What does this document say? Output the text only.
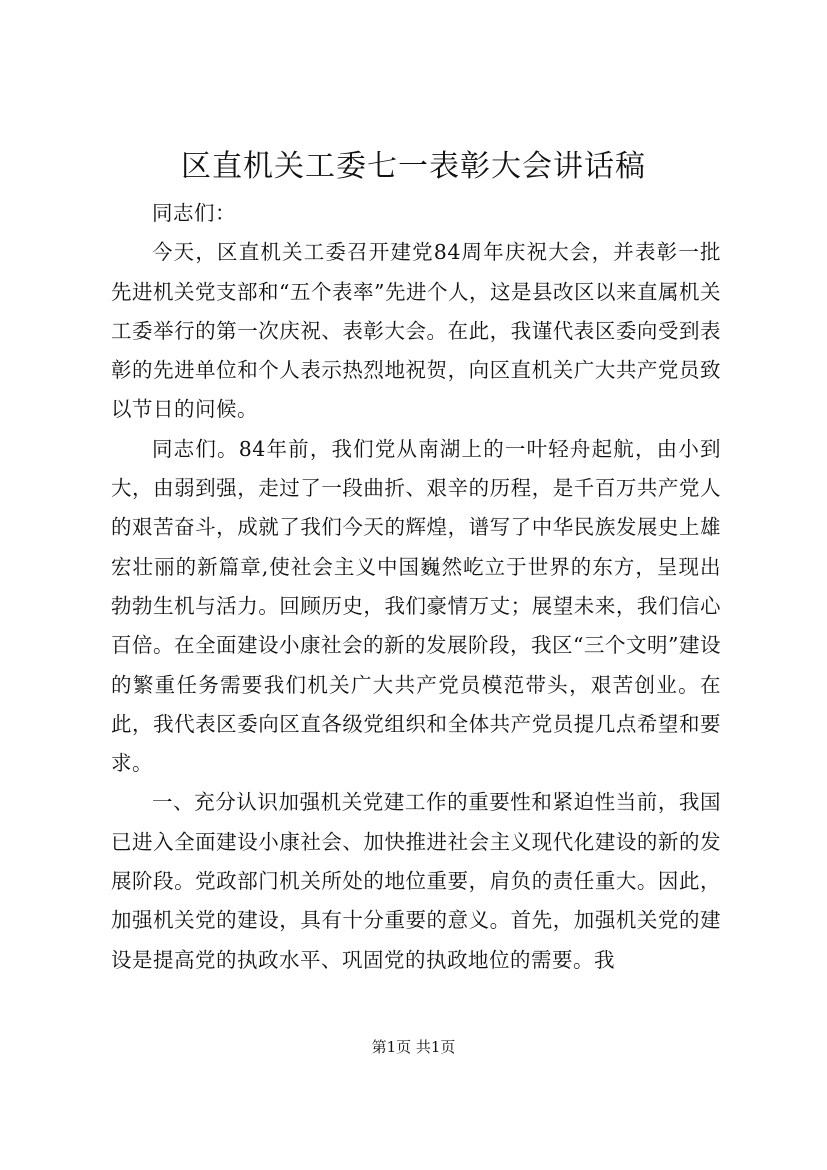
区直机关工委七一表彰大会讲话稿

同志们：

今天，区直机关工委召开建党84周年庆祝大会，并表彰一批先进机关党支部和“五个表率”先进个人，这是县改区以来直属机关工委举行的第一次庆祝、表彰大会。在此，我谨代表区委向受到表彰的先进单位和个人表示热烈地祝贺，向区直机关广大共产党员致以节日的问候。

同志们。84年前，我们党从南湖上的一叶轻舟起航，由小到大，由弱到强，走过了一段曲折、艰辛的历程，是千百万共产党人的艰苦奋斗，成就了我们今天的辉煌，谱写了中华民族发展史上雄宏壮丽的新篇章,使社会主义中国巍然屹立于世界的东方，呈现出勃勃生机与活力。回顾历史，我们豪情万丈；展望未来，我们信心百倍。在全面建设小康社会的新的发展阶段，我区“三个文明”建设的繁重任务需要我们机关广大共产党员模范带头，艰苦创业。在此，我代表区委向区直各级党组织和全体共产党员提几点希望和要求。

一、充分认识加强机关党建工作的重要性和紧迫性当前，我国已进入全面建设小康社会、加快推进社会主义现代化建设的新的发展阶段。党政部门机关所处的地位重要，肩负的责任重大。因此，加强机关党的建设，具有十分重要的意义。首先，加强机关党的建设是提高党的执政水平、巩固党的执政地位的需要。我

第1页 共1页
